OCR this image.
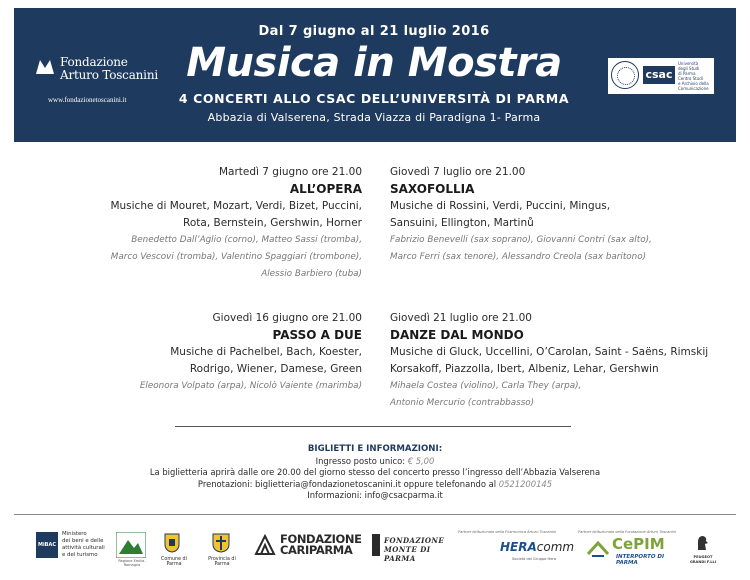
Fondazione
Arturo Toscanini
www.fondazionetoscanini.it
Dal 7 giugno al 21 luglio 2016
Musica in Mostra
4 CONCERTI ALLO CSAC DELL’UNIVERSITÀ DI PARMA
Abbazia di Valserena, Strada Viazza di Paradigna 1- Parma
csac
Università
degli Studi
di Parma
Centro Studi
e Archivio della
Comunicazione
Martedì 7 giugno ore 21.00
ALL’OPERA
Musiche di Mouret, Mozart, Verdi, Bizet, Puccini,
Rota, Bernstein, Gershwin, Horner
Benedetto Dall’Aglio (corno), Matteo Sassi (tromba),
Marco Vescovi (tromba), Valentino Spaggiari (trombone),
Alessio Barbiero (tuba)
Giovedì 7 luglio ore 21.00
SAXOFOLLIA
Musiche di Rossini, Verdi, Puccini, Mingus,
Sansuini, Ellington, Martinů
Fabrizio Benevelli (sax soprano), Giovanni Contri (sax alto),
Marco Ferri (sax tenore), Alessandro Creola (sax baritono)
Giovedì 16 giugno ore 21.00
PASSO A DUE
Musiche di Pachelbel, Bach, Koester,
Rodrigo, Wiener, Damese, Green
Eleonora Volpato (arpa), Nicolò Vaiente (marimba)
Giovedì 21 luglio ore 21.00
DANZE DAL MONDO
Musiche di Gluck, Uccellini, O’Carolan, Saint - Saëns, Rimskij
Korsakoff, Piazzolla, Ibert, Albeniz, Lehar, Gershwin
Mihaela Costea (violino), Carla They (arpa),
Antonio Mercurio (contrabbasso)
BIGLIETTI E INFORMAZIONI:
Ingresso posto unico: € 5,00
La biglietteria aprirà dalle ore 20.00 del giorno stesso del concerto presso l’ingresso dell’Abbazia Valserena
Prenotazioni: biglietteria@fondazionetoscanini.it oppure telefonando al 0521200145
Informazioni: info@csacparma.it
MiBAC
Ministero
dei beni e delle
attività culturali
e del turismo
Regione Emilia-Romagna
Comune di Parma
Provincia di Parma
FONDAZIONE
CARIPARMA
FONDAZIONE
MONTE DI PARMA
Partner Istituzionale della Filarmonica Arturo Toscanini
HERAcomm
Società del Gruppo Hera
Partner Istituzionale della Fondazione Arturo Toscanini
CePIM
INTERPORTO DI PARMA
PEUGEOT
GRANDI F.LLI
